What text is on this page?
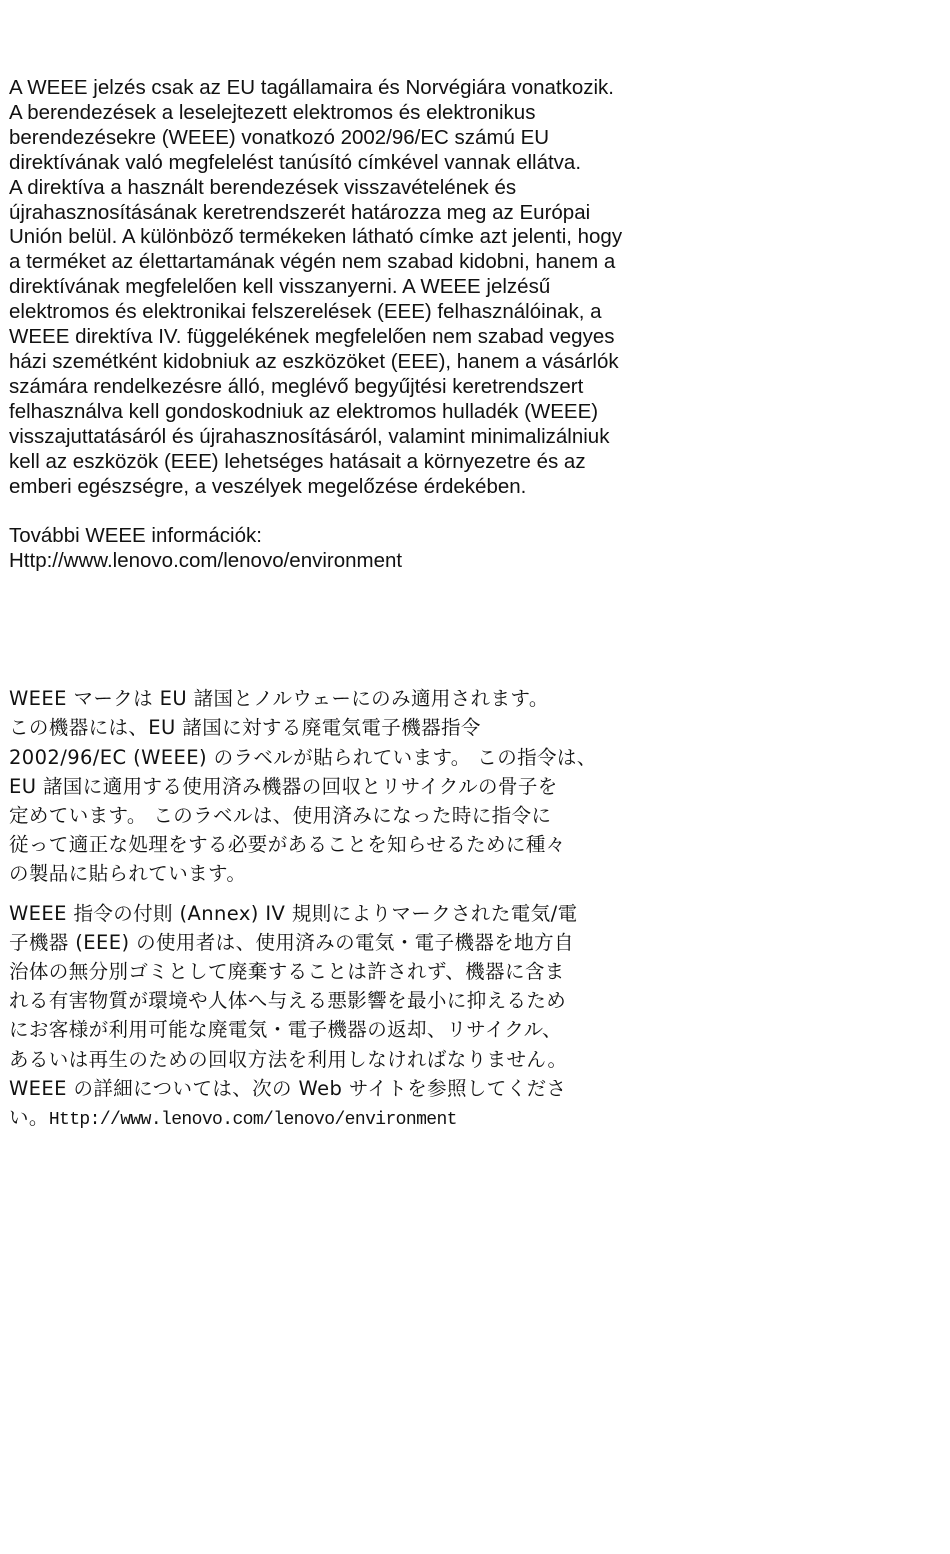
A WEEE jelzés csak az EU tagállamaira és Norvégiára vonatkozik.
A berendezések a leselejtezett elektromos és elektronikus
berendezésekre (WEEE) vonatkozó 2002/96/EC számú EU
direktívának való megfelelést tanúsító címkével vannak ellátva.
A direktíva a használt berendezések visszavételének és
újrahasznosításának keretrendszerét határozza meg az Európai
Unión belül. A különböző termékeken látható címke azt jelenti, hogy
a terméket az élettartamának végén nem szabad kidobni, hanem a
direktívának megfelelően kell visszanyerni. A WEEE jelzésű
elektromos és elektronikai felszerelések (EEE) felhasználóinak, a
WEEE direktíva IV. függelékének megfelelően nem szabad vegyes
házi szemétként kidobniuk az eszközöket (EEE), hanem a vásárlók
számára rendelkezésre álló, meglévő begyűjtési keretrendszert
felhasználva kell gondoskodniuk az elektromos hulladék (WEEE)
visszajuttatásáról és újrahasznosításáról, valamint minimalizálniuk
kell az eszközök (EEE) lehetséges hatásait a környezetre és az
emberi egészségre, a veszélyek megelőzése érdekében.
További WEEE információk:
Http://www.lenovo.com/lenovo/environment
WEEE マークは EU 諸国とノルウェーにのみ適用されます。
この機器には、EU 諸国に対する廃電気電子機器指令
2002/96/EC (WEEE) のラベルが貼られています。 この指令は、
EU 諸国に適用する使用済み機器の回収とリサイクルの骨子を
定めています。 このラベルは、使用済みになった時に指令に
従って適正な処理をする必要があることを知らせるために種々
の製品に貼られています。
WEEE 指令の付則 (Annex) IV 規則によりマークされた電気/電
子機器 (EEE) の使用者は、使用済みの電気・電子機器を地方自
治体の無分別ゴミとして廃棄することは許されず、機器に含ま
れる有害物質が環境や人体へ与える悪影響を最小に抑えるため
にお客様が利用可能な廃電気・電子機器の返却、リサイクル、
あるいは再生のための回収方法を利用しなければなりません。
WEEE の詳細については、次の Web サイトを参照してくださ
い。Http://www.lenovo.com/lenovo/environment
